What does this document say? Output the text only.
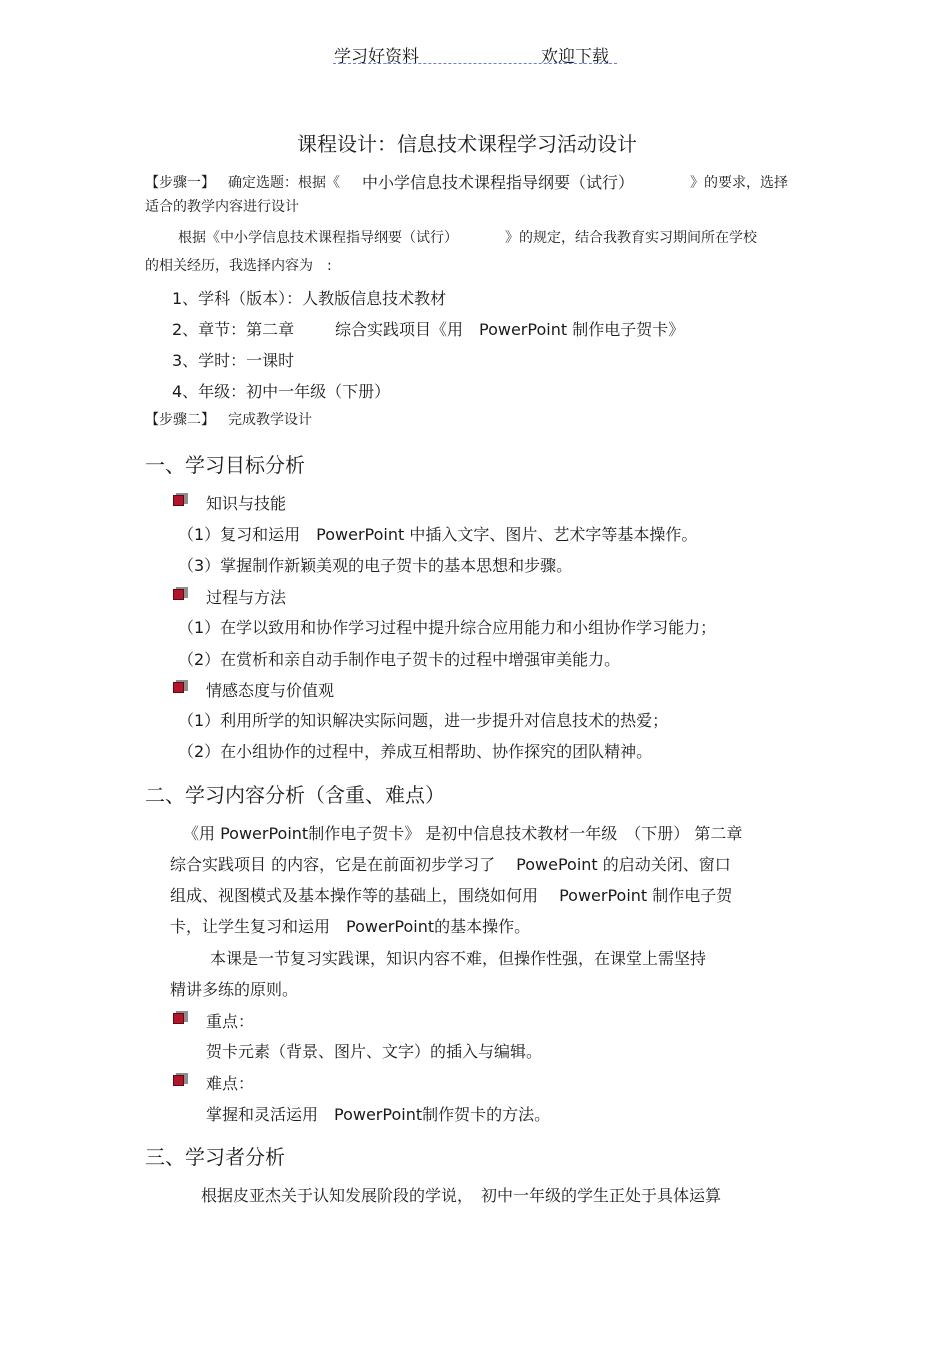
学习好资料	欢迎下载
课程设计：信息技术课程学习活动设计
【步骤一】 确定选题：根据《 中小学信息技术课程指导纲要（试行）	》的要求，选择
适合的教学内容进行设计
根据《中小学信息技术课程指导纲要（试行）	》的规定，结合我教育实习期间所在学校
的相关经历，我选择内容为　:
1、学科（版本）：人教版信息技术教材
2、章节：第二章	综合实践项目《用　PowerPoint 制作电子贺卡》
3、学时：一课时
4、年级：初中一年级（下册）
【步骤二】 完成教学设计
一、学习目标分析
知识与技能
（1）复习和运用　PowerPoint 中插入文字、图片、艺术字等基本操作。
（3）掌握制作新颖美观的电子贺卡的基本思想和步骤。
过程与方法
（1）在学以致用和协作学习过程中提升综合应用能力和小组协作学习能力；
（2）在赏析和亲自动手制作电子贺卡的过程中增强审美能力。
情感态度与价值观
（1）利用所学的知识解决实际问题，进一步提升对信息技术的热爱；
（2）在小组协作的过程中，养成互相帮助、协作探究的团队精神。
二、学习内容分析（含重、难点）
《用 PowerPoint制作电子贺卡》 是初中信息技术教材一年级　（下册） 第二章
综合实践项目 的内容，它是在前面初步学习了　 PowePoint 的启动关闭、窗口
组成、视图模式及基本操作等的基础上，围绕如何用　 PowerPoint 制作电子贺
卡，让学生复习和运用　PowerPoint的基本操作。
本课是一节复习实践课，知识内容不难，但操作性强，在课堂上需坚持
精讲多练的原则。
重点：
贺卡元素（背景、图片、文字）的插入与编辑。
难点：
掌握和灵活运用　PowerPoint制作贺卡的方法。
三、学习者分析
根据皮亚杰关于认知发展阶段的学说，　初中一年级的学生正处于具体运算
